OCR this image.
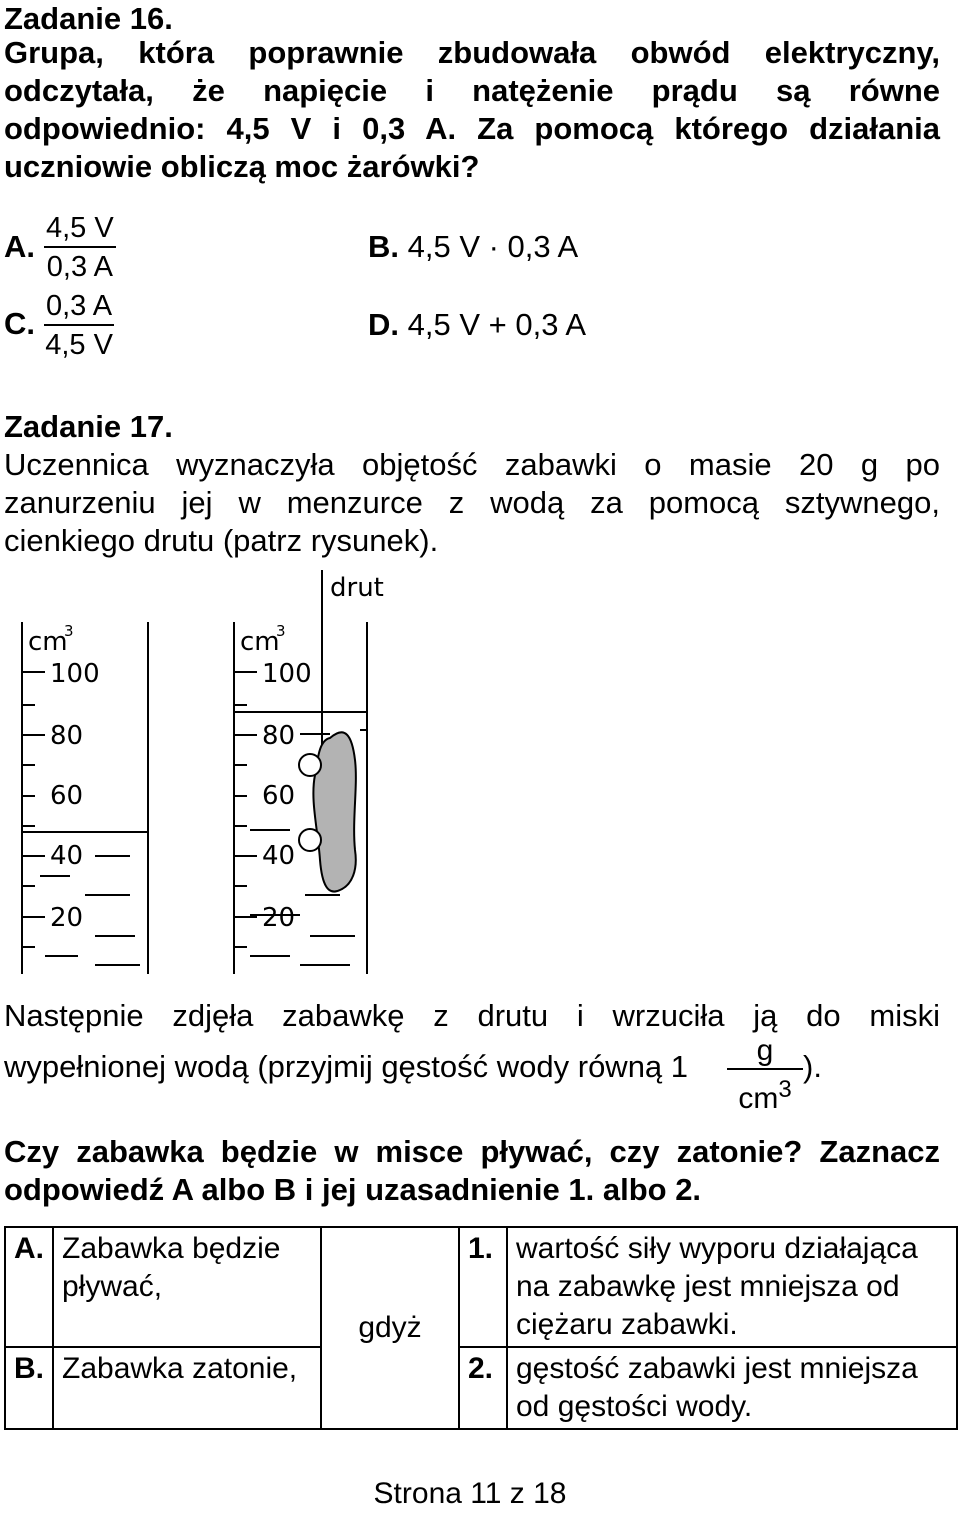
Zadanie 16.
Grupa, która poprawnie zbudowała obwód elektryczny,
odczytała, że napięcie i natężenie prądu są równe
odpowiednio: 4,5 V i 0,3 A. Za pomocą którego działania
uczniowie obliczą moc żarówki?
A. $\frac{4,5 V}{0,3 A}$	B. 4,5 V · 0,3 A
C. $\frac{0,3 A}{4,5 V}$	D. 4,5 V + 0,3 A
Zadanie 17.
Uczennica wyznaczyła objętość zabawki o masie 20 g po
zanurzeniu jej w menzurce z wodą za pomocą sztywnego,
cienkiego drutu (patrz rysunek).
cm
3
100
80
60
40
20
cm
3
100
80
60
40
20
drut
Następnie zdjęła zabawkę z drutu i wrzuciła ją do miski
wypełnionej wodą (przyjmij gęstość wody równą $1 \frac{g}{cm^3}$ ).
Czy zabawka będzie w misce pływać, czy zatonie? Zaznacz
odpowiedź A albo B i jej uzasadnienie 1. albo 2.
A.	Zabawka będzie pływać,	gdyż	1.	wartość siły wyporu działająca na zabawkę jest mniejsza od ciężaru zabawki.
B.	Zabawka zatonie,		2.	gęstość zabawki jest mniejsza od gęstości wody.
Strona 11 z 18
